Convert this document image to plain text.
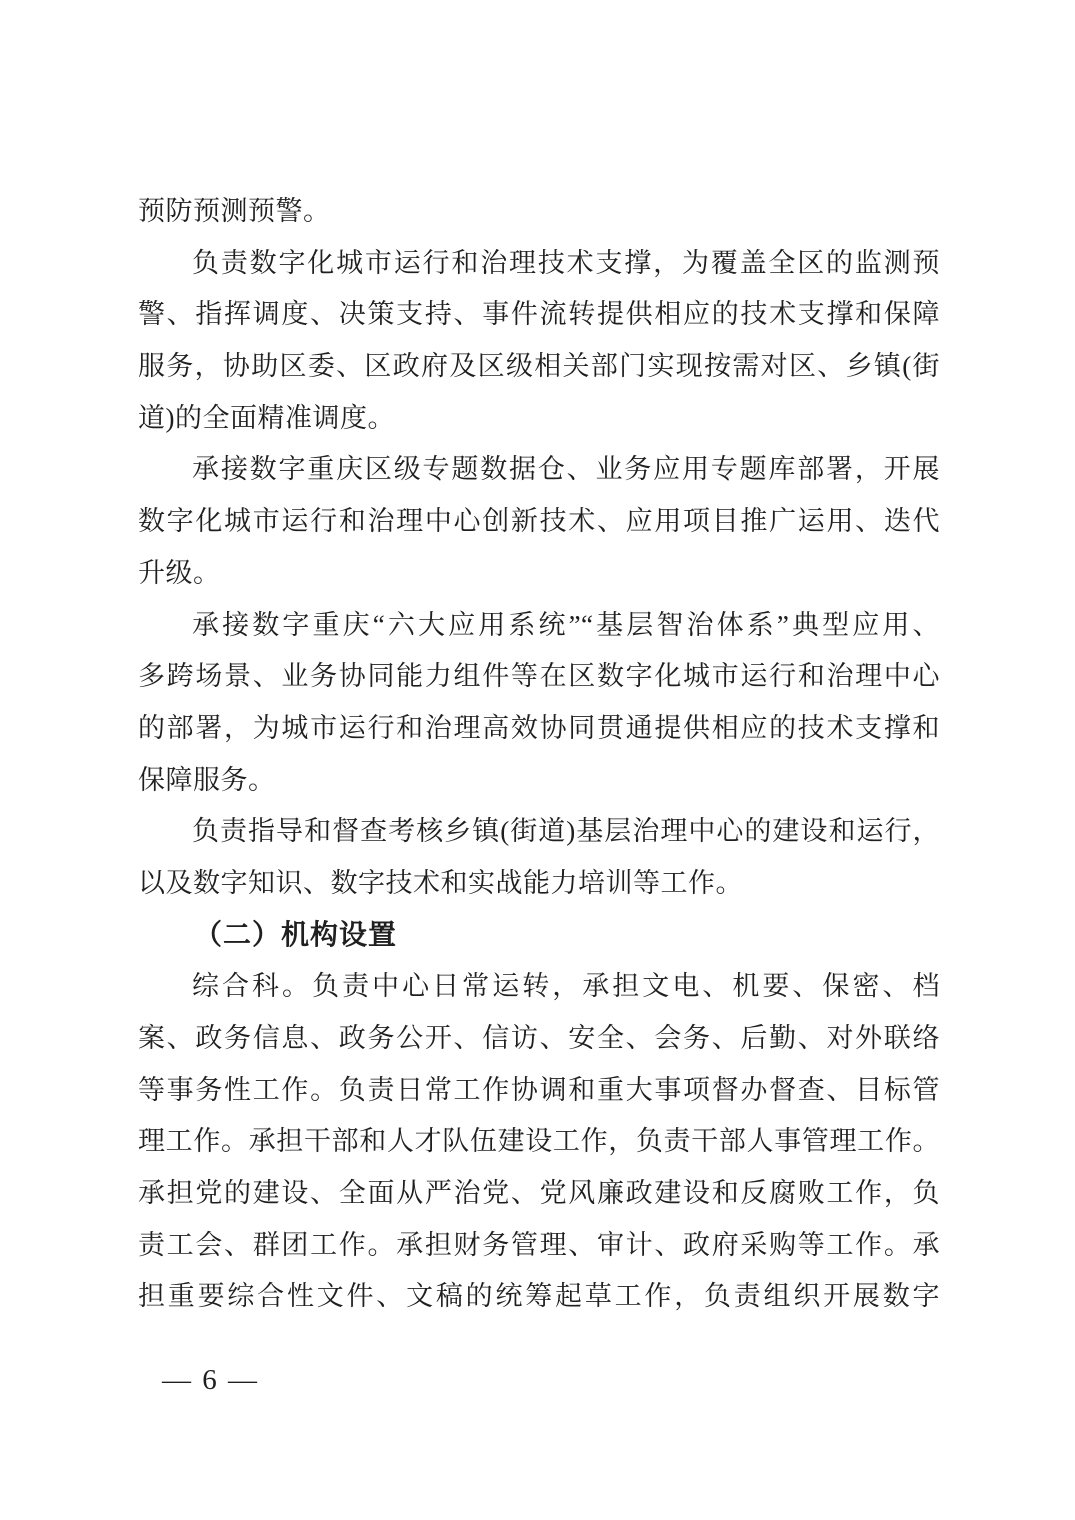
预防预测预警。
负责数字化城市运行和治理技术支撑，为覆盖全区的监测预
警、指挥调度、决策支持、事件流转提供相应的技术支撑和保障
服务，协助区委、区政府及区级相关部门实现按需对区、乡镇(街
道)的全面精准调度。
承接数字重庆区级专题数据仓、业务应用专题库部署，开展
数字化城市运行和治理中心创新技术、应用项目推广运用、迭代
升级。
承接数字重庆“六大应用系统”“基层智治体系”典型应用、
多跨场景、业务协同能力组件等在区数字化城市运行和治理中心
的部署，为城市运行和治理高效协同贯通提供相应的技术支撑和
保障服务。
负责指导和督查考核乡镇(街道)基层治理中心的建设和运行，
以及数字知识、数字技术和实战能力培训等工作。
（二）机构设置
综合科。负责中心日常运转，承担文电、机要、保密、档
案、政务信息、政务公开、信访、安全、会务、后勤、对外联络
等事务性工作。负责日常工作协调和重大事项督办督查、目标管
理工作。承担干部和人才队伍建设工作，负责干部人事管理工作。
承担党的建设、全面从严治党、党风廉政建设和反腐败工作，负
责工会、群团工作。承担财务管理、审计、政府采购等工作。承
担重要综合性文件、文稿的统筹起草工作，负责组织开展数字
— 6 —
